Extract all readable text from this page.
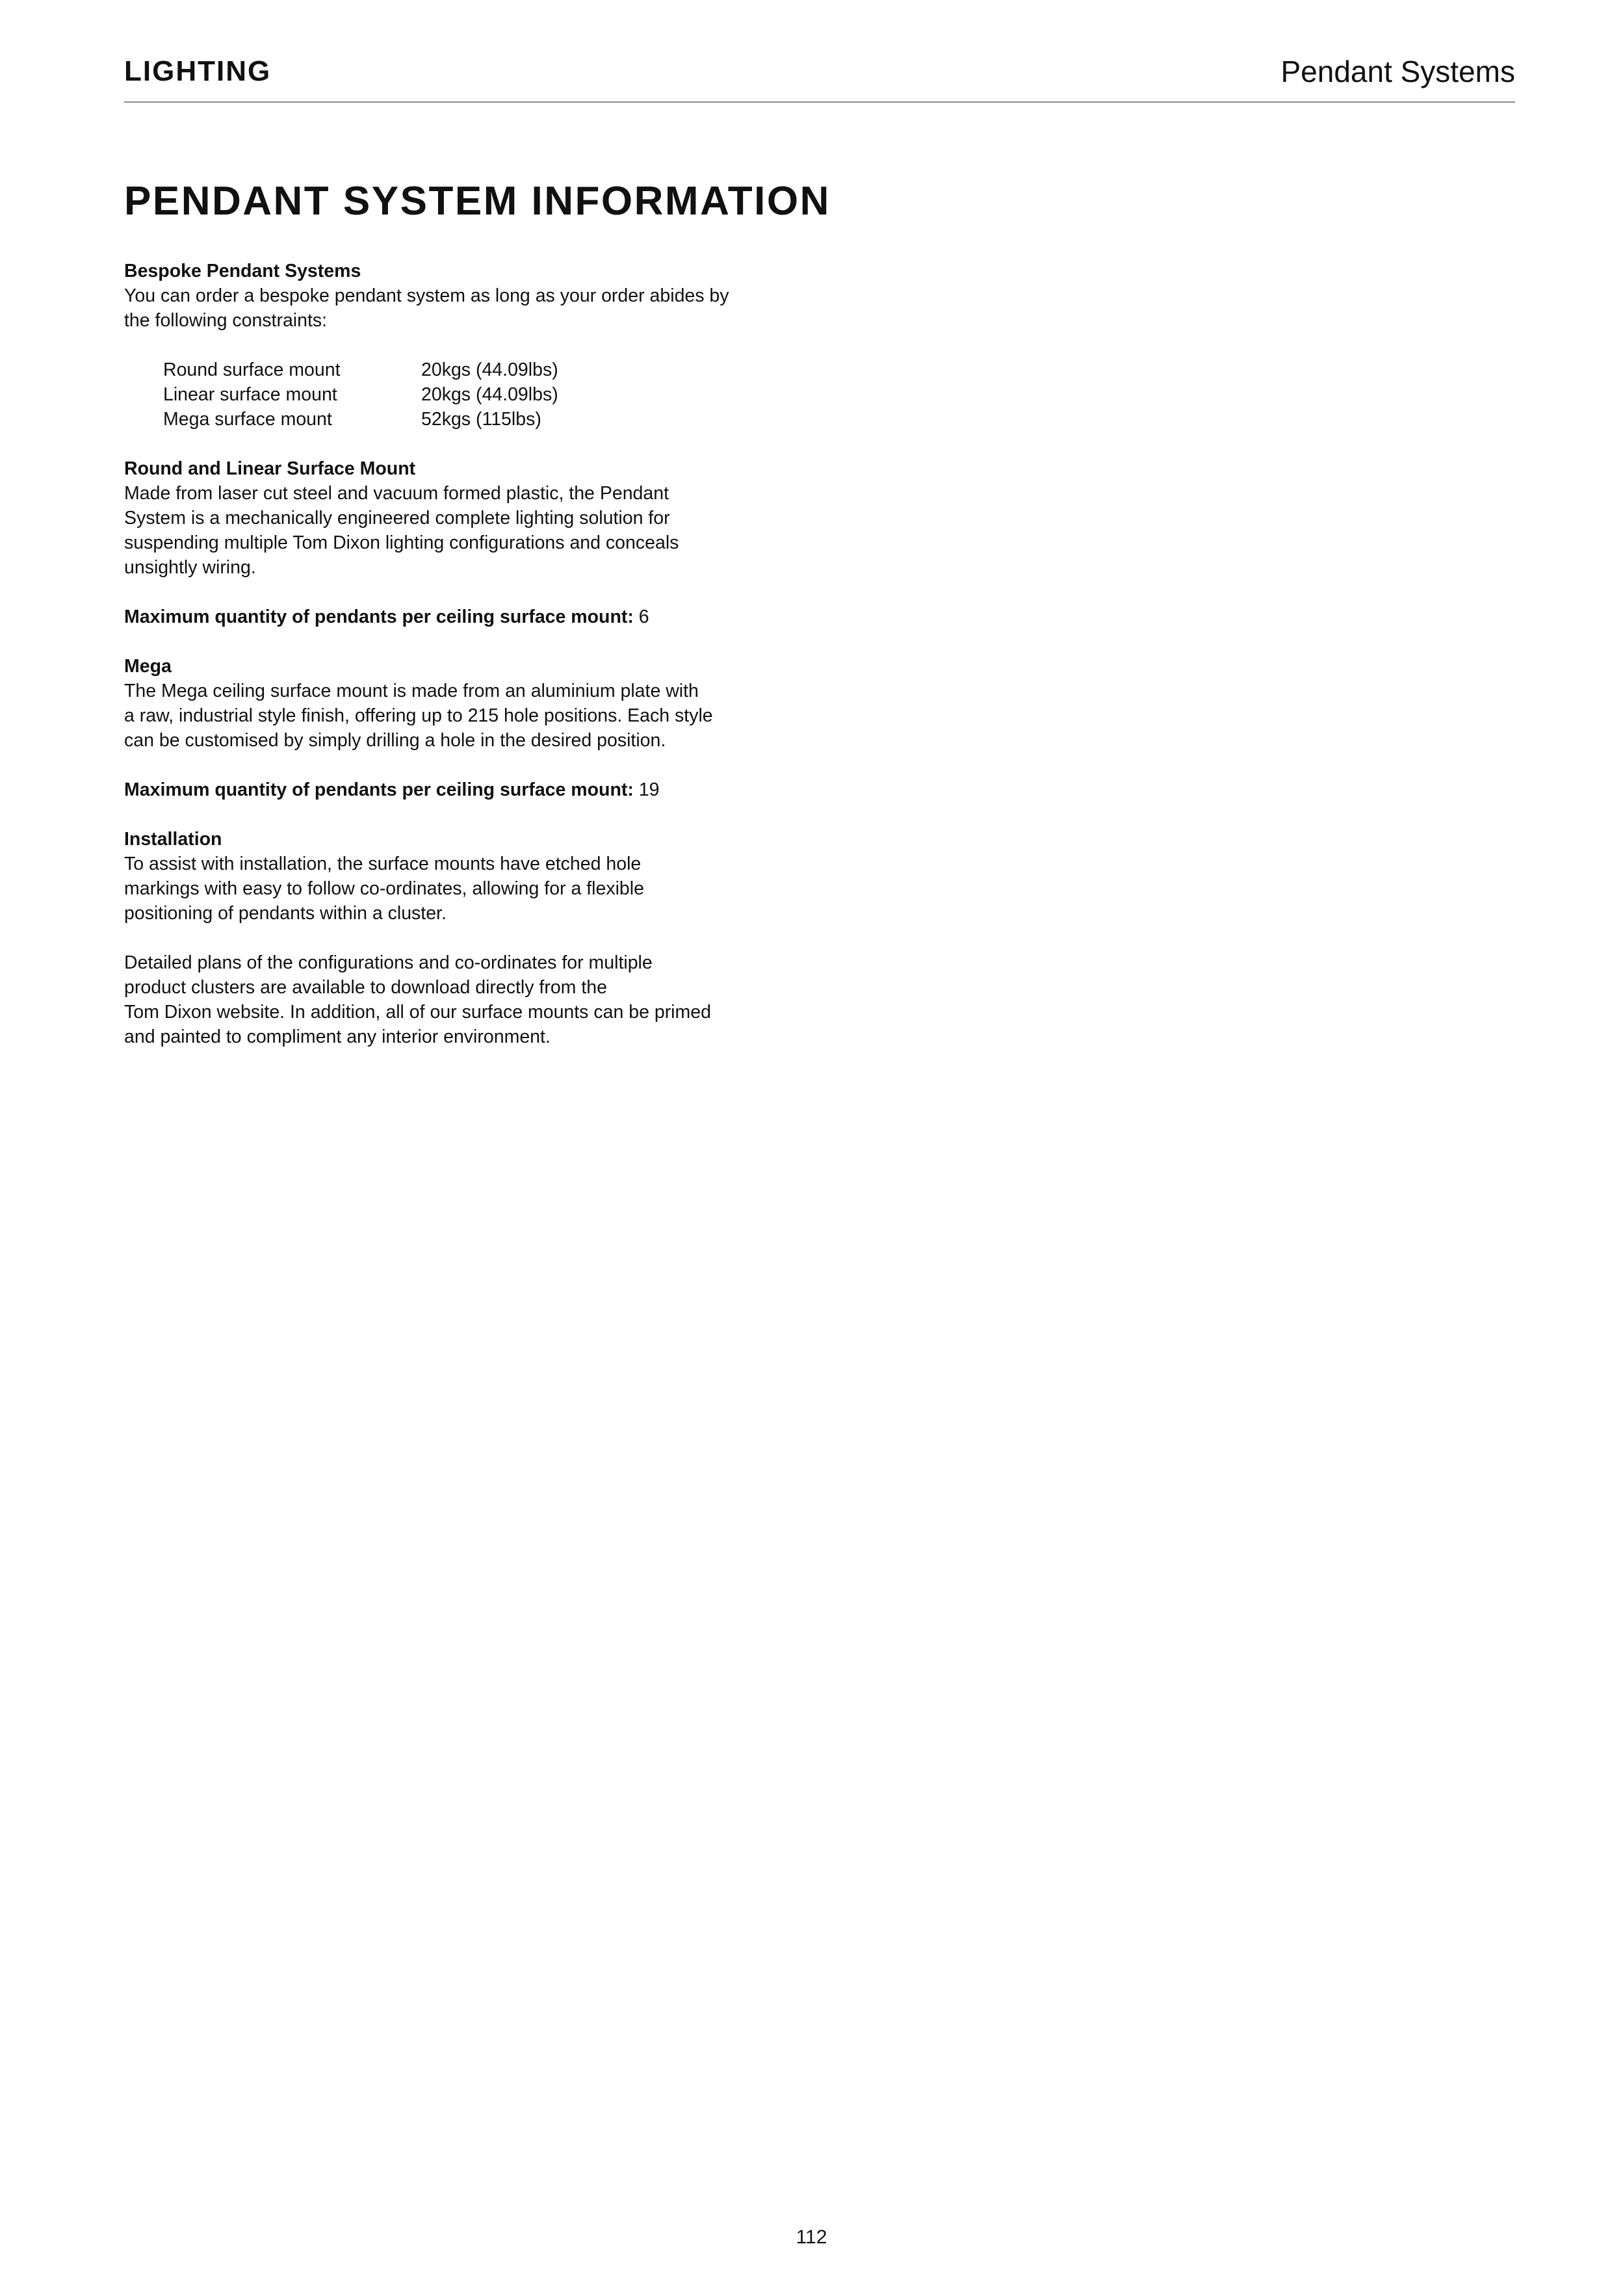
LIGHTING	Pendant Systems
PENDANT SYSTEM INFORMATION

Bespoke Pendant Systems

You can order a bespoke pendant system as long as your order abides by

the following constraints:

Round surface mount	20kgs (44.09lbs)
Linear surface mount	20kgs (44.09lbs)
Mega surface mount	52kgs (115lbs)

Round and Linear Surface Mount

Made from laser cut steel and vacuum formed plastic, the Pendant

System is a mechanically engineered complete lighting solution for

suspending multiple Tom Dixon lighting configurations and conceals

unsightly wiring.

Maximum quantity of pendants per ceiling surface mount: 6

Mega

The Mega ceiling surface mount is made from an aluminium plate with

a raw, industrial style finish, offering up to 215 hole positions. Each style

can be customised by simply drilling a hole in the desired position.

Maximum quantity of pendants per ceiling surface mount: 19

Installation

To assist with installation, the surface mounts have etched hole

markings with easy to follow co-ordinates, allowing for a flexible

positioning of pendants within a cluster.

Detailed plans of the configurations and co-ordinates for multiple

product clusters are available to download directly from the

Tom Dixon website. In addition, all of our surface mounts can be primed

and painted to compliment any interior environment.

112
